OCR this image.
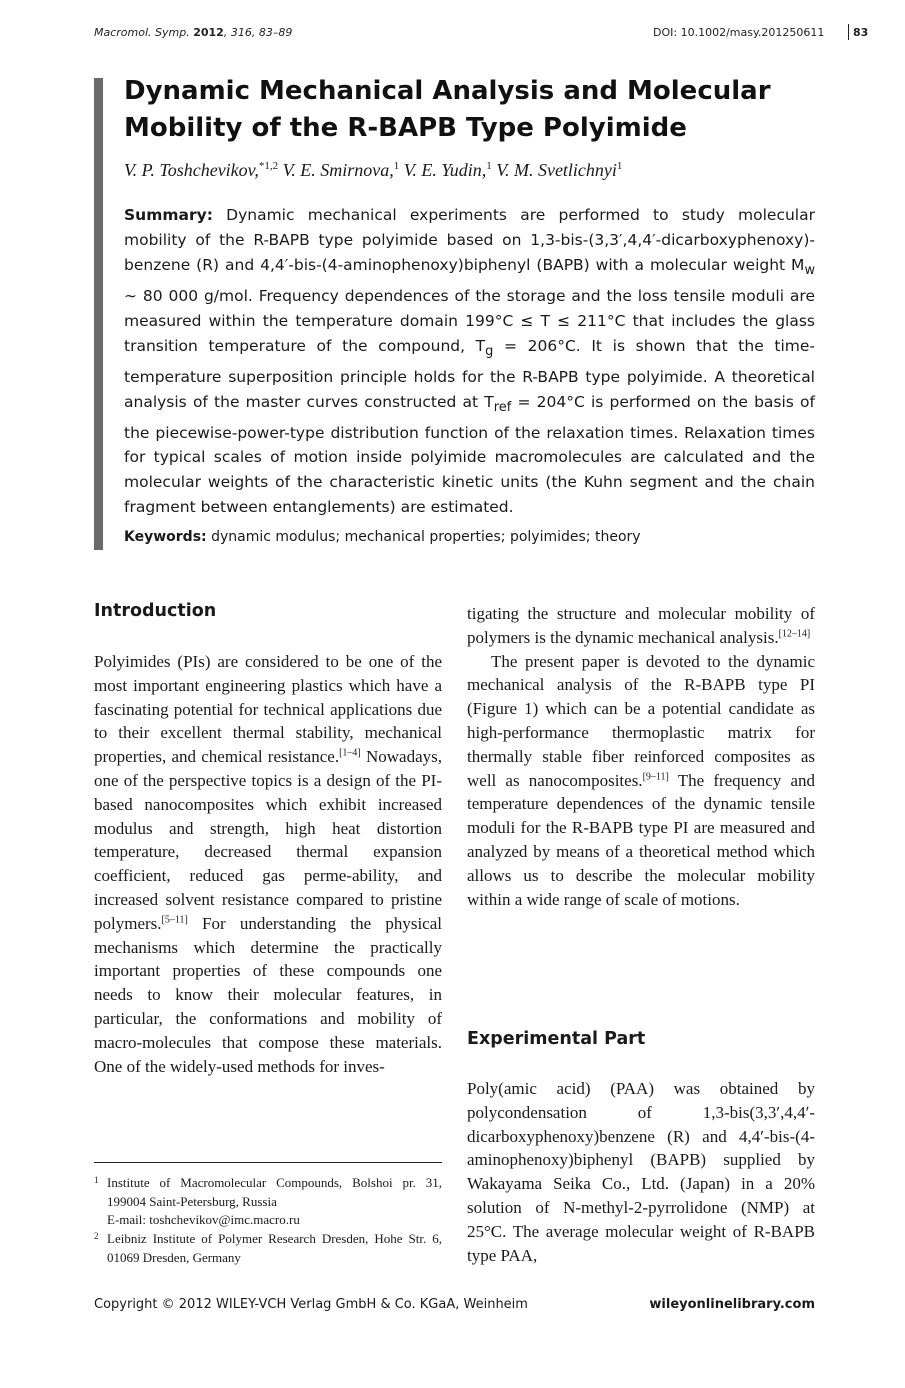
Macromol. Symp. 2012, 316, 83–89	DOI: 10.1002/masy.201250611	83
Dynamic Mechanical Analysis and Molecular Mobility of the R-BAPB Type Polyimide
V. P. Toshchevikov,$^{*1,2}$ V. E. Smirnova,$^1$ V. E. Yudin,$^1$ V. M. Svetlichnyi$^1$
Summary: Dynamic mechanical experiments are performed to study molecular mobility of the R-BAPB type polyimide based on 1,3-bis-(3,3′,4,4′-dicarboxyphenoxy)-benzene (R) and 4,4′-bis-(4-aminophenoxy)biphenyl (BAPB) with a molecular weight $M_w$ ∼ 80 000 g/mol. Frequency dependences of the storage and the loss tensile moduli are measured within the temperature domain 199°C ≤ T ≤ 211°C that includes the glass transition temperature of the compound, $T_g = 206^\circ C$. It is shown that the time-temperature superposition principle holds for the R-BAPB type polyimide. A theoretical analysis of the master curves constructed at $T_{ref} = 204^\circ C$ is performed on the basis of the piecewise-power-type distribution function of the relaxation times. Relaxation times for typical scales of motion inside polyimide macromolecules are calculated and the molecular weights of the characteristic kinetic units (the Kuhn segment and the chain fragment between entanglements) are estimated.
Keywords: dynamic modulus; mechanical properties; polyimides; theory
Introduction

Polyimides (PIs) are considered to be one of the most important engineering plastics which have a fascinating potential for technical applications due to their excellent thermal stability, mechanical properties, and chemical resistance.[1–4] Nowadays, one of the perspective topics is a design of the PI-based nanocomposites which exhibit increased modulus and strength, high heat distortion temperature, decreased thermal expansion coefficient, reduced gas perme-ability, and increased solvent resistance compared to pristine polymers.[5–11] For understanding the physical mechanisms which determine the practically important properties of these compounds one needs to know their molecular features, in particular, the conformations and mobility of macro-molecules that compose these materials. One of the widely-used methods for inves-

1 Institute of Macromolecular Compounds, Bolshoi pr. 31, 199004 Saint-Petersburg, Russia
E-mail: toshchevikov@imc.macro.ru
2 Leibniz Institute of Polymer Research Dresden, Hohe Str. 6, 01069 Dresden, Germany

tigating the structure and molecular mobility of polymers is the dynamic mechanical analysis.[12–14]

The present paper is devoted to the dynamic mechanical analysis of the R-BAPB type PI (Figure 1) which can be a potential candidate as high-performance thermoplastic matrix for thermally stable fiber reinforced composites as well as nanocomposites.[9–11] The frequency and temperature dependences of the dynamic tensile moduli for the R-BAPB type PI are measured and analyzed by means of a theoretical method which allows us to describe the molecular mobility within a wide range of scale of motions.

Experimental Part

Poly(amic acid) (PAA) was obtained by polycondensation of 1,3-bis(3,3′,4,4′-dicarboxyphenoxy)benzene (R) and 4,4′-bis-(4-aminophenoxy)biphenyl (BAPB) supplied by Wakayama Seika Co., Ltd. (Japan) in a 20% solution of N-methyl-2-pyrrolidone (NMP) at 25°C. The average molecular weight of R-BAPB type PAA,

Copyright © 2012 WILEY-VCH Verlag GmbH & Co. KGaA, Weinheim	wileyonlinelibrary.com
